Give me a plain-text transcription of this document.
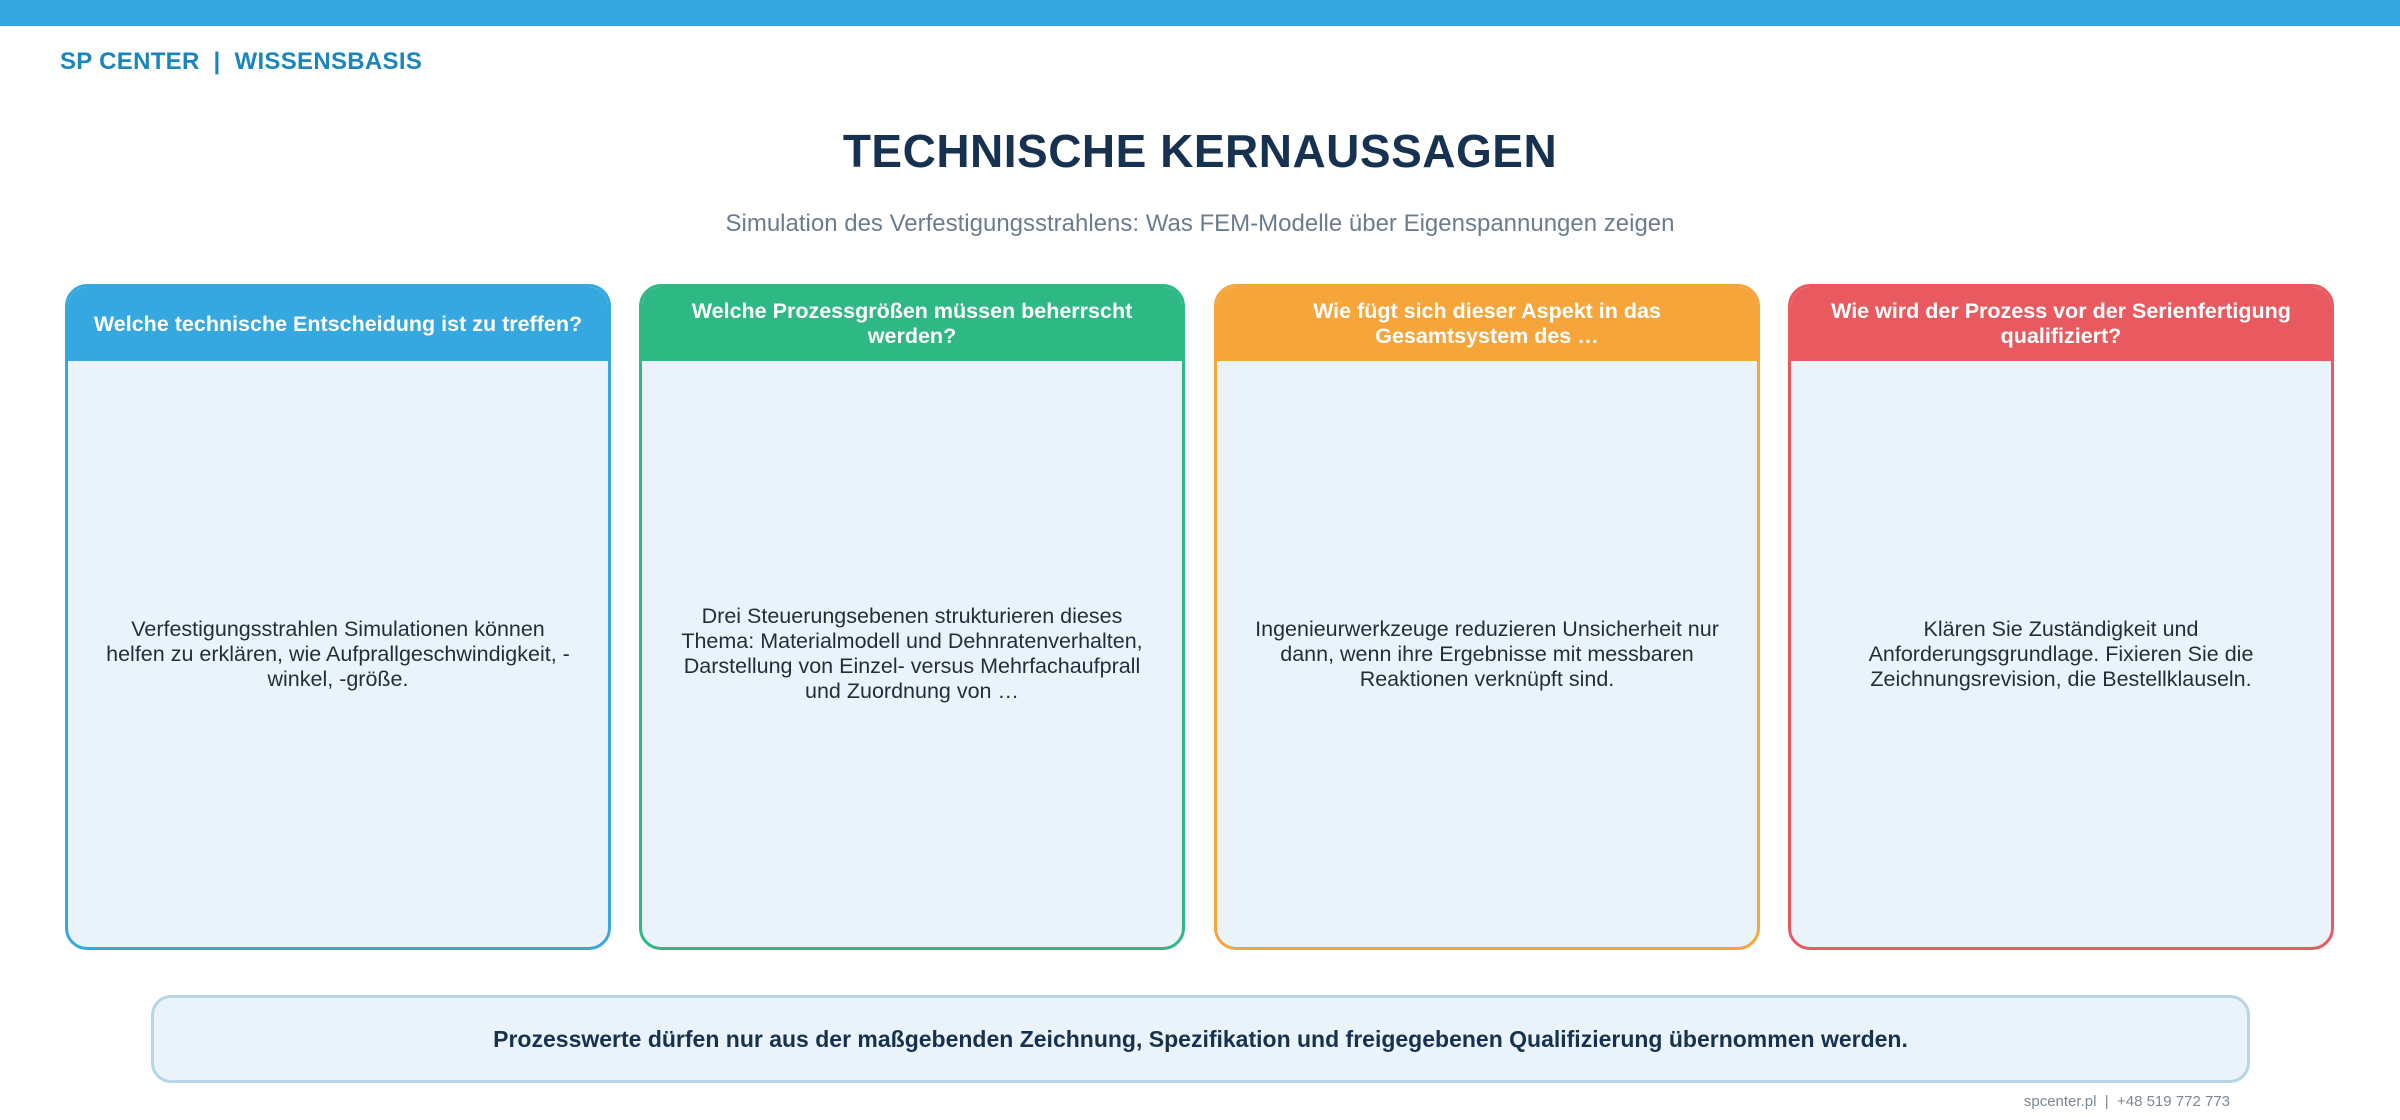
SP CENTER  |  WISSENSBASIS
TECHNISCHE KERNAUSSAGEN
Simulation des Verfestigungsstrahlens: Was FEM-Modelle über Eigenspannungen zeigen
Welche technische Entscheidung ist zu treffen?
Verfestigungsstrahlen Simulationen können helfen zu erklären, wie Aufprallgeschwindigkeit, -winkel, -größe.
Welche Prozessgrößen müssen beherrscht werden?
Drei Steuerungsebenen strukturieren dieses Thema: Materialmodell und Dehnratenverhalten, Darstellung von Einzel- versus Mehrfachaufprall und Zuordnung von …
Wie fügt sich dieser Aspekt in das Gesamtsystem des …
Ingenieurwerkzeuge reduzieren Unsicherheit nur dann, wenn ihre Ergebnisse mit messbaren Reaktionen verknüpft sind.
Wie wird der Prozess vor der Serienfertigung qualifiziert?
Klären Sie Zuständigkeit und Anforderungsgrundlage. Fixieren Sie die Zeichnungsrevision, die Bestellklauseln.
Prozesswerte dürfen nur aus der maßgebenden Zeichnung, Spezifikation und freigegebenen Qualifizierung übernommen werden.
spcenter.pl  |  +48 519 772 773
